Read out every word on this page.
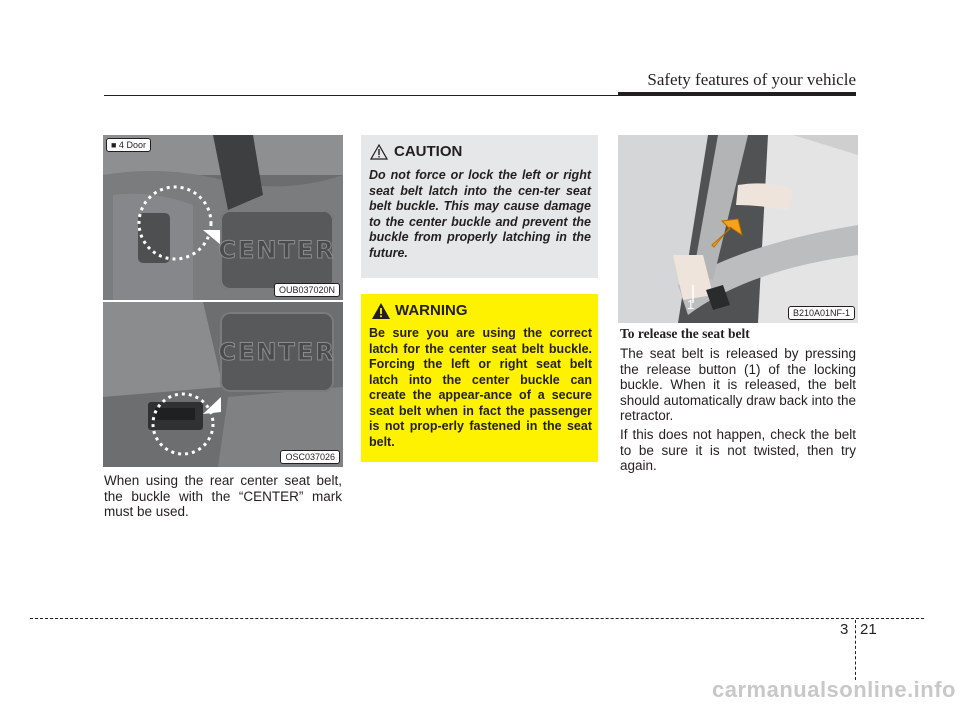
Safety features of your vehicle
CENTER
■ 4 Door
OUB037020N
CENTER
OSC037026

When using the rear center seat belt, the buckle with the “CENTER” mark must be used.

CAUTION

Do not force or lock the left or right seat belt latch into the cen-ter seat belt buckle. This may cause damage to the center buckle and prevent the buckle from properly latching in the future.

WARNING

Be sure you are using the correct latch for the center seat belt buckle. Forcing the left or right seat belt latch into the center buckle can create the appear-ance of a secure seat belt when in fact the passenger is not prop-erly fastened in the seat belt.

1
B210A01NF-1
To release the seat belt

The seat belt is released by pressing the release button (1) of the locking buckle. When it is released, the belt should automatically draw back into the retractor.

If this does not happen, check the belt to be sure it is not twisted, then try again.

3 21
carmanualsonline.info
